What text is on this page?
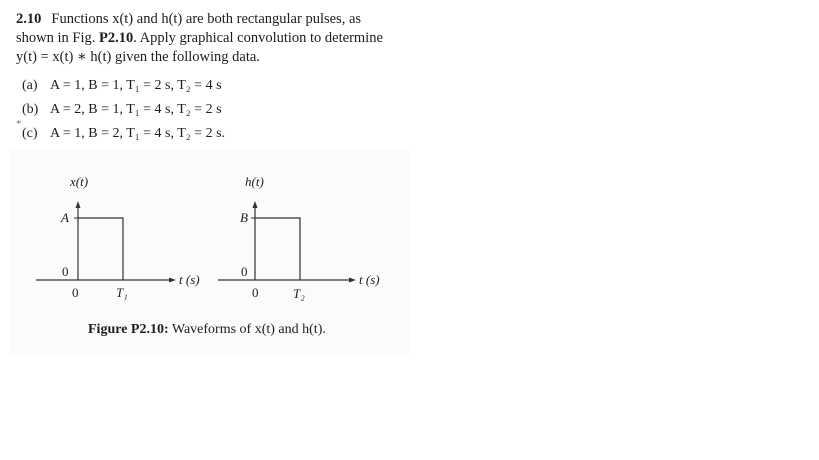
2.10 Functions x(t) and h(t) are both rectangular pulses, as
shown in Fig. P2.10. Apply graphical convolution to determine
y(t) = x(t) ∗ h(t) given the following data.
(a) A = 1, B = 1, T₁ = 2 s, T₂ = 4 s
(b) A = 2, B = 1, T₁ = 4 s, T₂ = 2 s
(c) A = 1, B = 2, T₁ = 4 s, T₂ = 2 s.
*
x(t)
A
0
0	T₁
t (s)
h(t)
B
0
0	T₂
t (s)
Figure P2.10: Waveforms of x(t) and h(t).
